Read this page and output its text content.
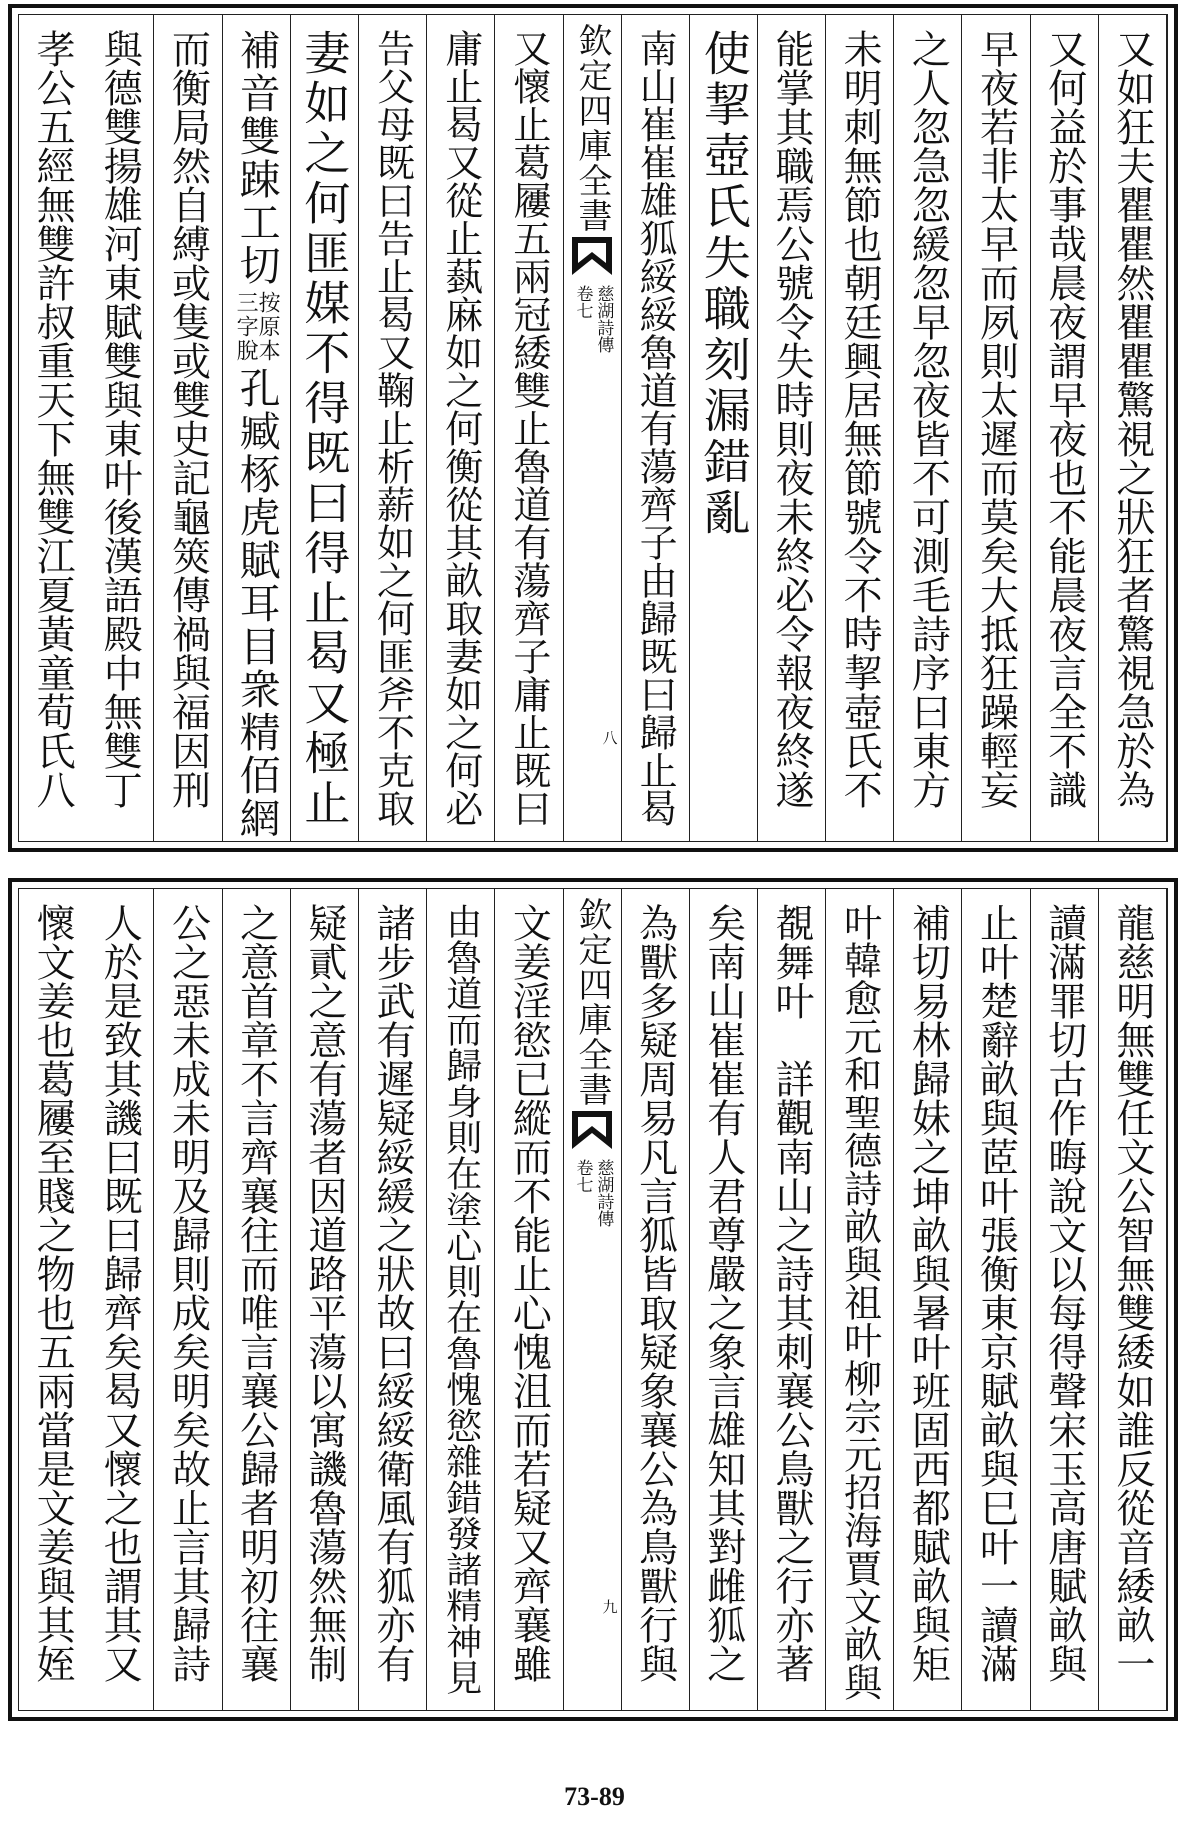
又如狂夫瞿瞿然瞿瞿驚視之狀狂者驚視急於為
又何益於事哉晨夜謂早夜也不能晨夜言全不識
早夜若非太早而夙則太遲而莫矣大抵狂躁輕妄
之人忽急忽緩忽早忽夜皆不可測毛詩序曰東方
未明刺無節也朝廷興居無節號令不時挈壺氏不
能掌其職焉公號令失時則夜未終必令報夜終遂
使挈壺氏失職刻漏錯亂
南山崔崔雄狐綏綏魯道有蕩齊子由歸既曰歸止曷
欽定四庫全書
慈湖詩傳
卷七
八
又懷止葛屨五兩冠緌雙止魯道有蕩齊子庸止既曰
庸止曷又從止蓺麻如之何衡從其畝取妻如之何必
告父母既曰告止曷又鞠止析薪如之何匪斧不克取
妻如之何匪媒不得既曰得止曷又極止
補音雙踈工切
按原本
三字脫
孔臧㭬虎賦耳目衆精佰網
而衡局然自縛或隻或雙史記龜筴傳禍與福因刑
與德雙揚雄河東賦雙與東叶後漢語殿中無雙丁
孝公五經無雙許叔重天下無雙江夏黃童荀氏八
龍慈明無雙任文公智無雙緌如誰反從音緌畝一
讀滿罪切古作晦說文以每得聲宋玉高唐賦畝與
止叶楚辭畝與茝叶張衡東京賦畝與巳叶一讀滿
補切易林歸妹之坤畝與暑叶班固西都賦畝與矩
叶韓愈元和聖德詩畝與祖叶柳宗元招海賈文畝與
覩舞叶　詳觀南山之詩其刺襄公鳥獸之行亦著
矣南山崔崔有人君尊嚴之象言雄知其對雌狐之
為獸多疑周易凡言狐皆取疑象襄公為鳥獸行與
欽定四庫全書
慈湖詩傳
卷七
九
文姜淫慾已縱而不能止心愧沮而若疑又齊襄雖
由魯道而歸身則在塗心則在魯愧慾雜錯發諸精神見
諸步武有遲疑綏緩之狀故曰綏綏衛風有狐亦有
疑貳之意有蕩者因道路平蕩以寓譏魯蕩然無制
之意首章不言齊襄往而唯言襄公歸者明初往襄
公之惡未成未明及歸則成矣明矣故止言其歸詩
人於是致其譏曰既曰歸齊矣曷又懷之也謂其又
懷文姜也葛屨至賤之物也五兩當是文姜與其姪
73-89
